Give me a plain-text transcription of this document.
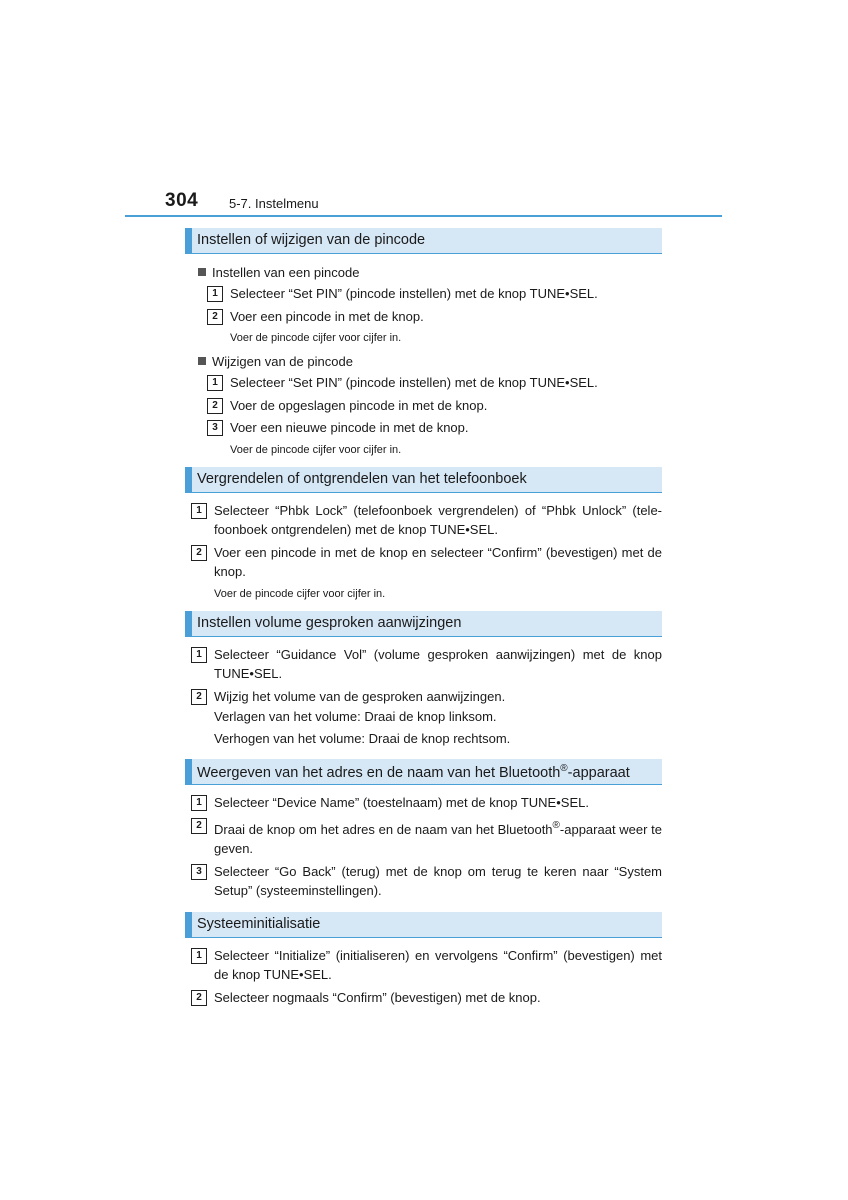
304 5-7. Instelmenu
Instellen of wijzigen van de pincode
Instellen van een pincode
1 Selecteer “Set PIN” (pincode instellen) met de knop TUNE•SEL.
2 Voer een pincode in met de knop.
Voer de pincode cijfer voor cijfer in.
Wijzigen van de pincode
1 Selecteer “Set PIN” (pincode instellen) met de knop TUNE•SEL.
2 Voer de opgeslagen pincode in met de knop.
3 Voer een nieuwe pincode in met de knop.
Voer de pincode cijfer voor cijfer in.
Vergrendelen of ontgrendelen van het telefoonboek
1 Selecteer “Phbk Lock” (telefoonboek vergrendelen) of “Phbk Unlock” (tele-foonboek ontgrendelen) met de knop TUNE•SEL.
2 Voer een pincode in met de knop en selecteer “Confirm” (bevestigen) met de knop.
Voer de pincode cijfer voor cijfer in.
Instellen volume gesproken aanwijzingen
1 Selecteer “Guidance Vol” (volume gesproken aanwijzingen) met de knop TUNE•SEL.
2 Wijzig het volume van de gesproken aanwijzingen.
Verlagen van het volume: Draai de knop linksom.
Verhogen van het volume: Draai de knop rechtsom.
Weergeven van het adres en de naam van het Bluetooth®-apparaat
1 Selecteer “Device Name” (toestelnaam) met de knop TUNE•SEL.
2 Draai de knop om het adres en de naam van het Bluetooth®-apparaat weer te geven.
3 Selecteer “Go Back” (terug) met de knop om terug te keren naar “System Setup” (systeeminstellingen).
Systeeminitialisatie
1 Selecteer “Initialize” (initialiseren) en vervolgens “Confirm” (bevestigen) met de knop TUNE•SEL.
2 Selecteer nogmaals “Confirm” (bevestigen) met de knop.
